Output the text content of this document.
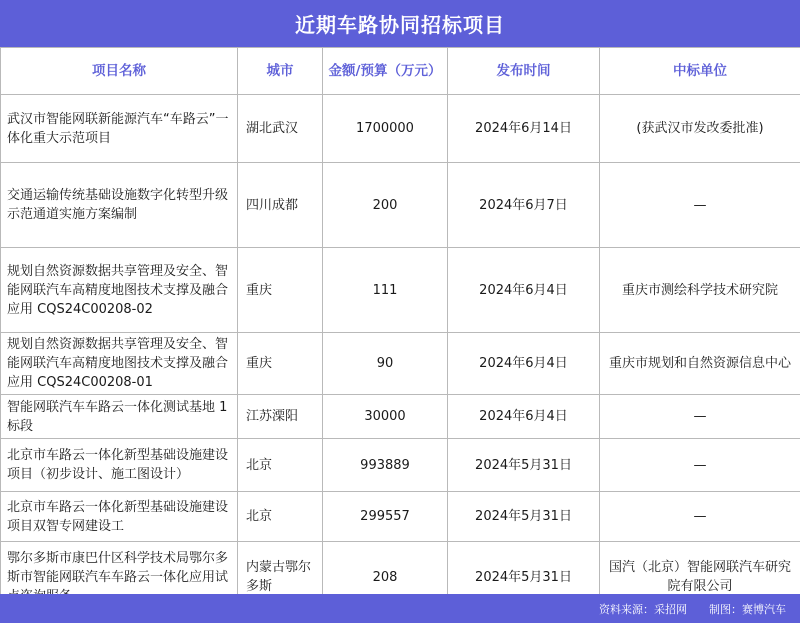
近期车路协同招标项目
项目名称	城市	金额/预算（万元）	发布时间	中标单位
武汉市智能网联新能源汽车“车路云”一体化重大示范项目	湖北武汉	1700000	2024年6月14日	(获武汉市发改委批准)
交通运输传统基础设施数字化转型升级示范通道实施方案编制	四川成都	200	2024年6月7日	—
规划自然资源数据共享管理及安全、智能网联汽车高精度地图技术支撑及融合应用 CQS24C00208-02	重庆	111	2024年6月4日	重庆市测绘科学技术研究院
规划自然资源数据共享管理及安全、智能网联汽车高精度地图技术支撑及融合应用 CQS24C00208-01	重庆	90	2024年6月4日	重庆市规划和自然资源信息中心
智能网联汽车车路云一体化测试基地 1 标段	江苏溧阳	30000	2024年6月4日	—
北京市车路云一体化新型基础设施建设项目（初步设计、施工图设计）	北京	993889	2024年5月31日	—
北京市车路云一体化新型基础设施建设项目双智专网建设工	北京	299557	2024年5月31日	—
鄂尔多斯市康巴什区科学技术局鄂尔多斯市智能网联汽车车路云一体化应用试	内蒙古鄂尔多斯	208	2024年5月31日	国汽（北京）智能网联汽车研究院有限公司
资料来源：采招网 制图：赛博汽车
